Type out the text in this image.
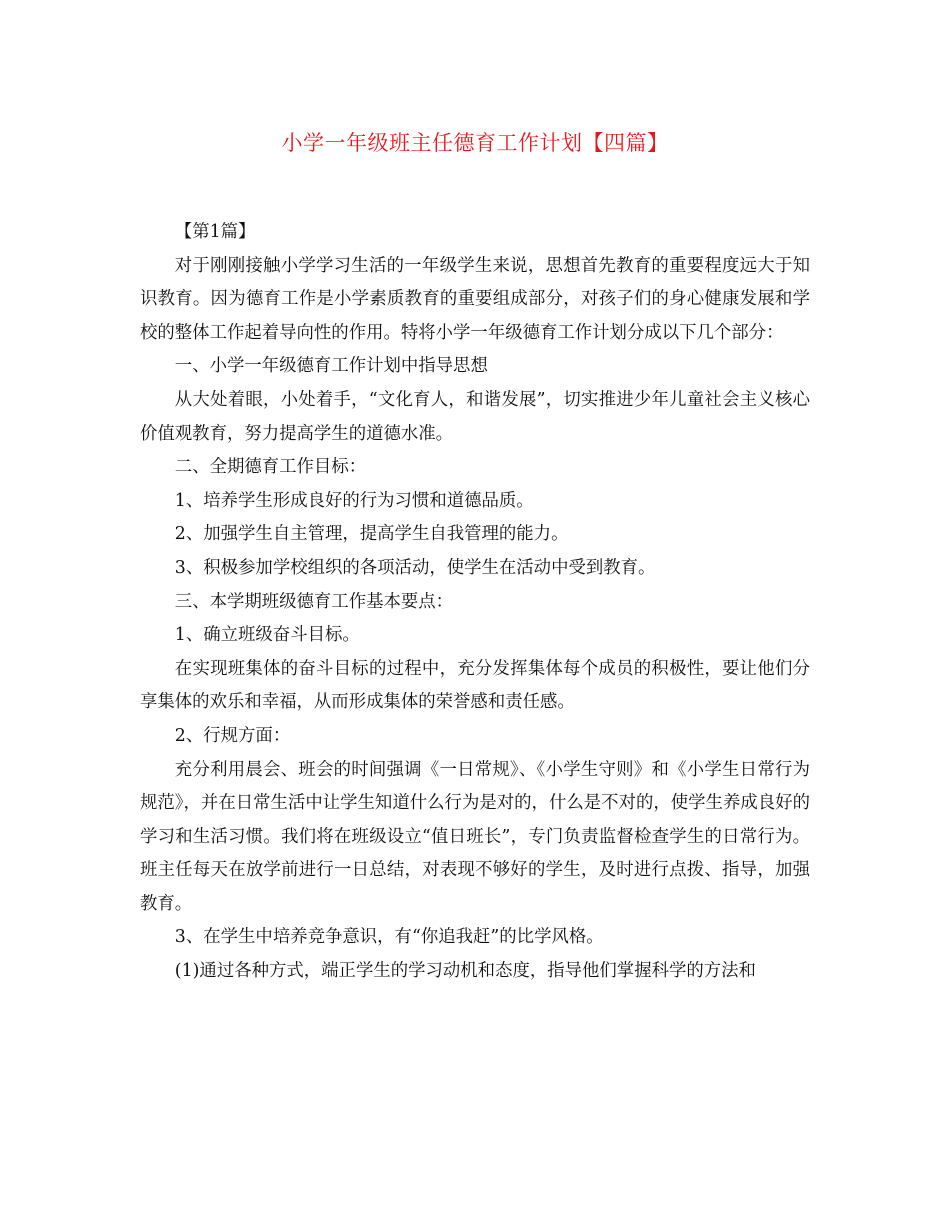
小学一年级班主任德育工作计划【四篇】

【第1篇】

对于刚刚接触小学学习生活的一年级学生来说，思想首先教育的重要程度远大于知识教育。因为德育工作是小学素质教育的重要组成部分，对孩子们的身心健康发展和学校的整体工作起着导向性的作用。特将小学一年级德育工作计划分成以下几个部分：

一、小学一年级德育工作计划中指导思想

从大处着眼，小处着手，“文化育人，和谐发展”，切实推进少年儿童社会主义核心价值观教育，努力提高学生的道德水准。

二、全期德育工作目标：

1、培养学生形成良好的行为习惯和道德品质。

2、加强学生自主管理，提高学生自我管理的能力。

3、积极参加学校组织的各项活动，使学生在活动中受到教育。

三、本学期班级德育工作基本要点：

1、确立班级奋斗目标。

在实现班集体的奋斗目标的过程中，充分发挥集体每个成员的积极性，要让他们分享集体的欢乐和幸福，从而形成集体的荣誉感和责任感。

2、行规方面：

充分利用晨会、班会的时间强调《一日常规》、《小学生守则》和《小学生日常行为规范》，并在日常生活中让学生知道什么行为是对的，什么是不对的，使学生养成良好的学习和生活习惯。我们将在班级设立“值日班长”，专门负责监督检查学生的日常行为。班主任每天在放学前进行一日总结，对表现不够好的学生，及时进行点拨、指导，加强教育。

3、在学生中培养竞争意识，有“你追我赶”的比学风格。

(1)通过各种方式，端正学生的学习动机和态度，指导他们掌握科学的方法和
